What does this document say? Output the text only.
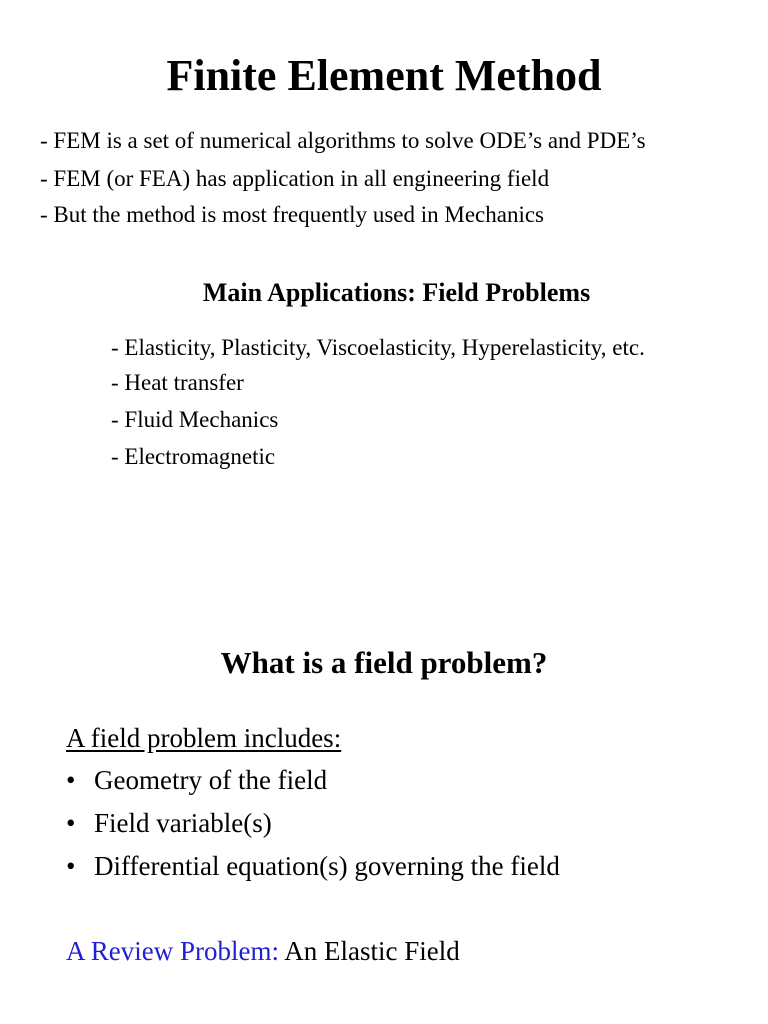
Finite Element Method
- FEM is a set of numerical algorithms to solve ODE’s and PDE’s
- FEM (or FEA) has application in all engineering field
- But the method is most frequently used in Mechanics
Main Applications: Field Problems
- Elasticity, Plasticity, Viscoelasticity, Hyperelasticity, etc.
- Heat transfer
- Fluid Mechanics
- Electromagnetic
What is a field problem?
A field problem includes:
• Geometry of the field
• Field variable(s)
• Differential equation(s) governing the field
A Review Problem: An Elastic Field
